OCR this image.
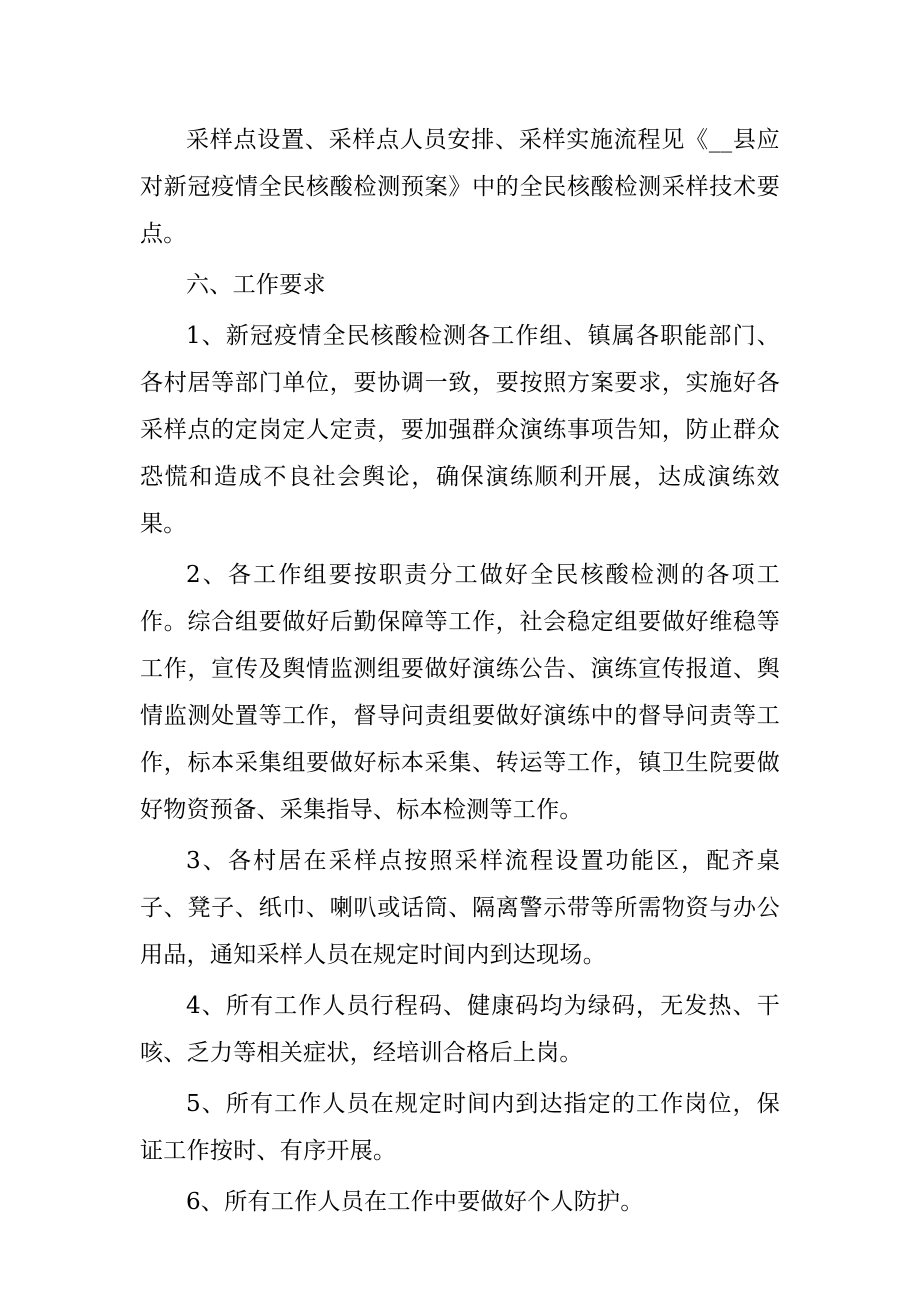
采样点设置、采样点人员安排、采样实施流程见《__县应对新冠疫情全民核酸检测预案》中的全民核酸检测采样技术要点。

六、工作要求

1、新冠疫情全民核酸检测各工作组、镇属各职能部门、各村居等部门单位，要协调一致，要按照方案要求，实施好各采样点的定岗定人定责，要加强群众演练事项告知，防止群众恐慌和造成不良社会舆论，确保演练顺利开展，达成演练效果。

2、各工作组要按职责分工做好全民核酸检测的各项工作。综合组要做好后勤保障等工作，社会稳定组要做好维稳等工作，宣传及舆情监测组要做好演练公告、演练宣传报道、舆情监测处置等工作，督导问责组要做好演练中的督导问责等工作，标本采集组要做好标本采集、转运等工作，镇卫生院要做好物资预备、采集指导、标本检测等工作。

3、各村居在采样点按照采样流程设置功能区，配齐桌子、凳子、纸巾、喇叭或话筒、隔离警示带等所需物资与办公用品，通知采样人员在规定时间内到达现场。

4、所有工作人员行程码、健康码均为绿码，无发热、干咳、乏力等相关症状，经培训合格后上岗。

5、所有工作人员在规定时间内到达指定的工作岗位，保证工作按时、有序开展。

6、所有工作人员在工作中要做好个人防护。
